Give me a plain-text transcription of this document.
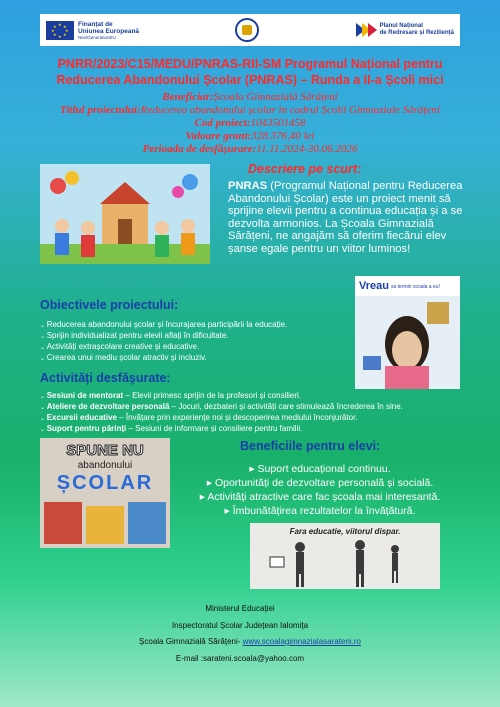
★ ★
★
★
★
★
★
★	Finanțat de
Uniunea Europeană
NextGenerationEU
Planul Național
de Redresare și Reziliență
PNRR/2023/C15/MEDU/PNRAS-RII-SM Programul Național pentru
Reducerea Abandonului Școlar (PNRAS) – Runda a II-a Școli mici
Beneficiar:Școala Gimnazială Sărățeni
Titlul proiectului:Reducerea abandonului școlar în cadrul Școlii Gimnaziale Sărățeni
Cod proiect:1043501458
Valoare grant:328.376,40 lei
Perioada de desfășurare:11.11.2024-30.06.2026
Descriere pe scurt:
PNRAS (Programul Național pentru Reducerea Abandonului Școlar) este un proiect menit să sprijine elevii pentru a continua educația și a se dezvolta armonios. La Școala Gimnazială Sărățeni, ne angajăm să oferim fiecărui elev șanse egale pentru un viitor luminos!
Vreau sa termin scoala a eu!
Obiectivele proiectului:
⌄ Reducerea abandonului școlar și încurajarea participării la educație.
⌄ Sprijin individualizat pentru elevii aflați în dificultate.
⌄ Activități extrașcolare creative și educative.
⌄ Crearea unui mediu școlar atractiv și incluziv.
Activități desfășurate:
⌄ Sesiuni de mentorat – Elevii primesc sprijin de la profesori și consilieri.
⌄ Ateliere de dezvoltare personală – Jocuri, dezbateri și activități care stimulează încrederea în sine.
⌄ Excursii educative – Învățare prin experiențe noi și descoperirea mediului înconjurător.
⌄ Suport pentru părinți – Sesiuni de informare și consiliere pentru familii.
SPUNE NU
abandonului
ȘCOLAR
Beneficiile pentru elevi:
▸ Suport educațional continuu.
▸ Oportunități de dezvoltare personală și socială.
▸ Activități atractive care fac școala mai interesantă.
▸ Îmbunătățirea rezultatelor la învățătură.
Fara educatie, viitorul dispar.
Ministerul Educației
Inspectoratul Școlar Județean Ialomița
Școala Gimnazială Sărățeni- www.scoalagimnazialasarateni.ro
E-mail :sarateni.scoala@yahoo.com
